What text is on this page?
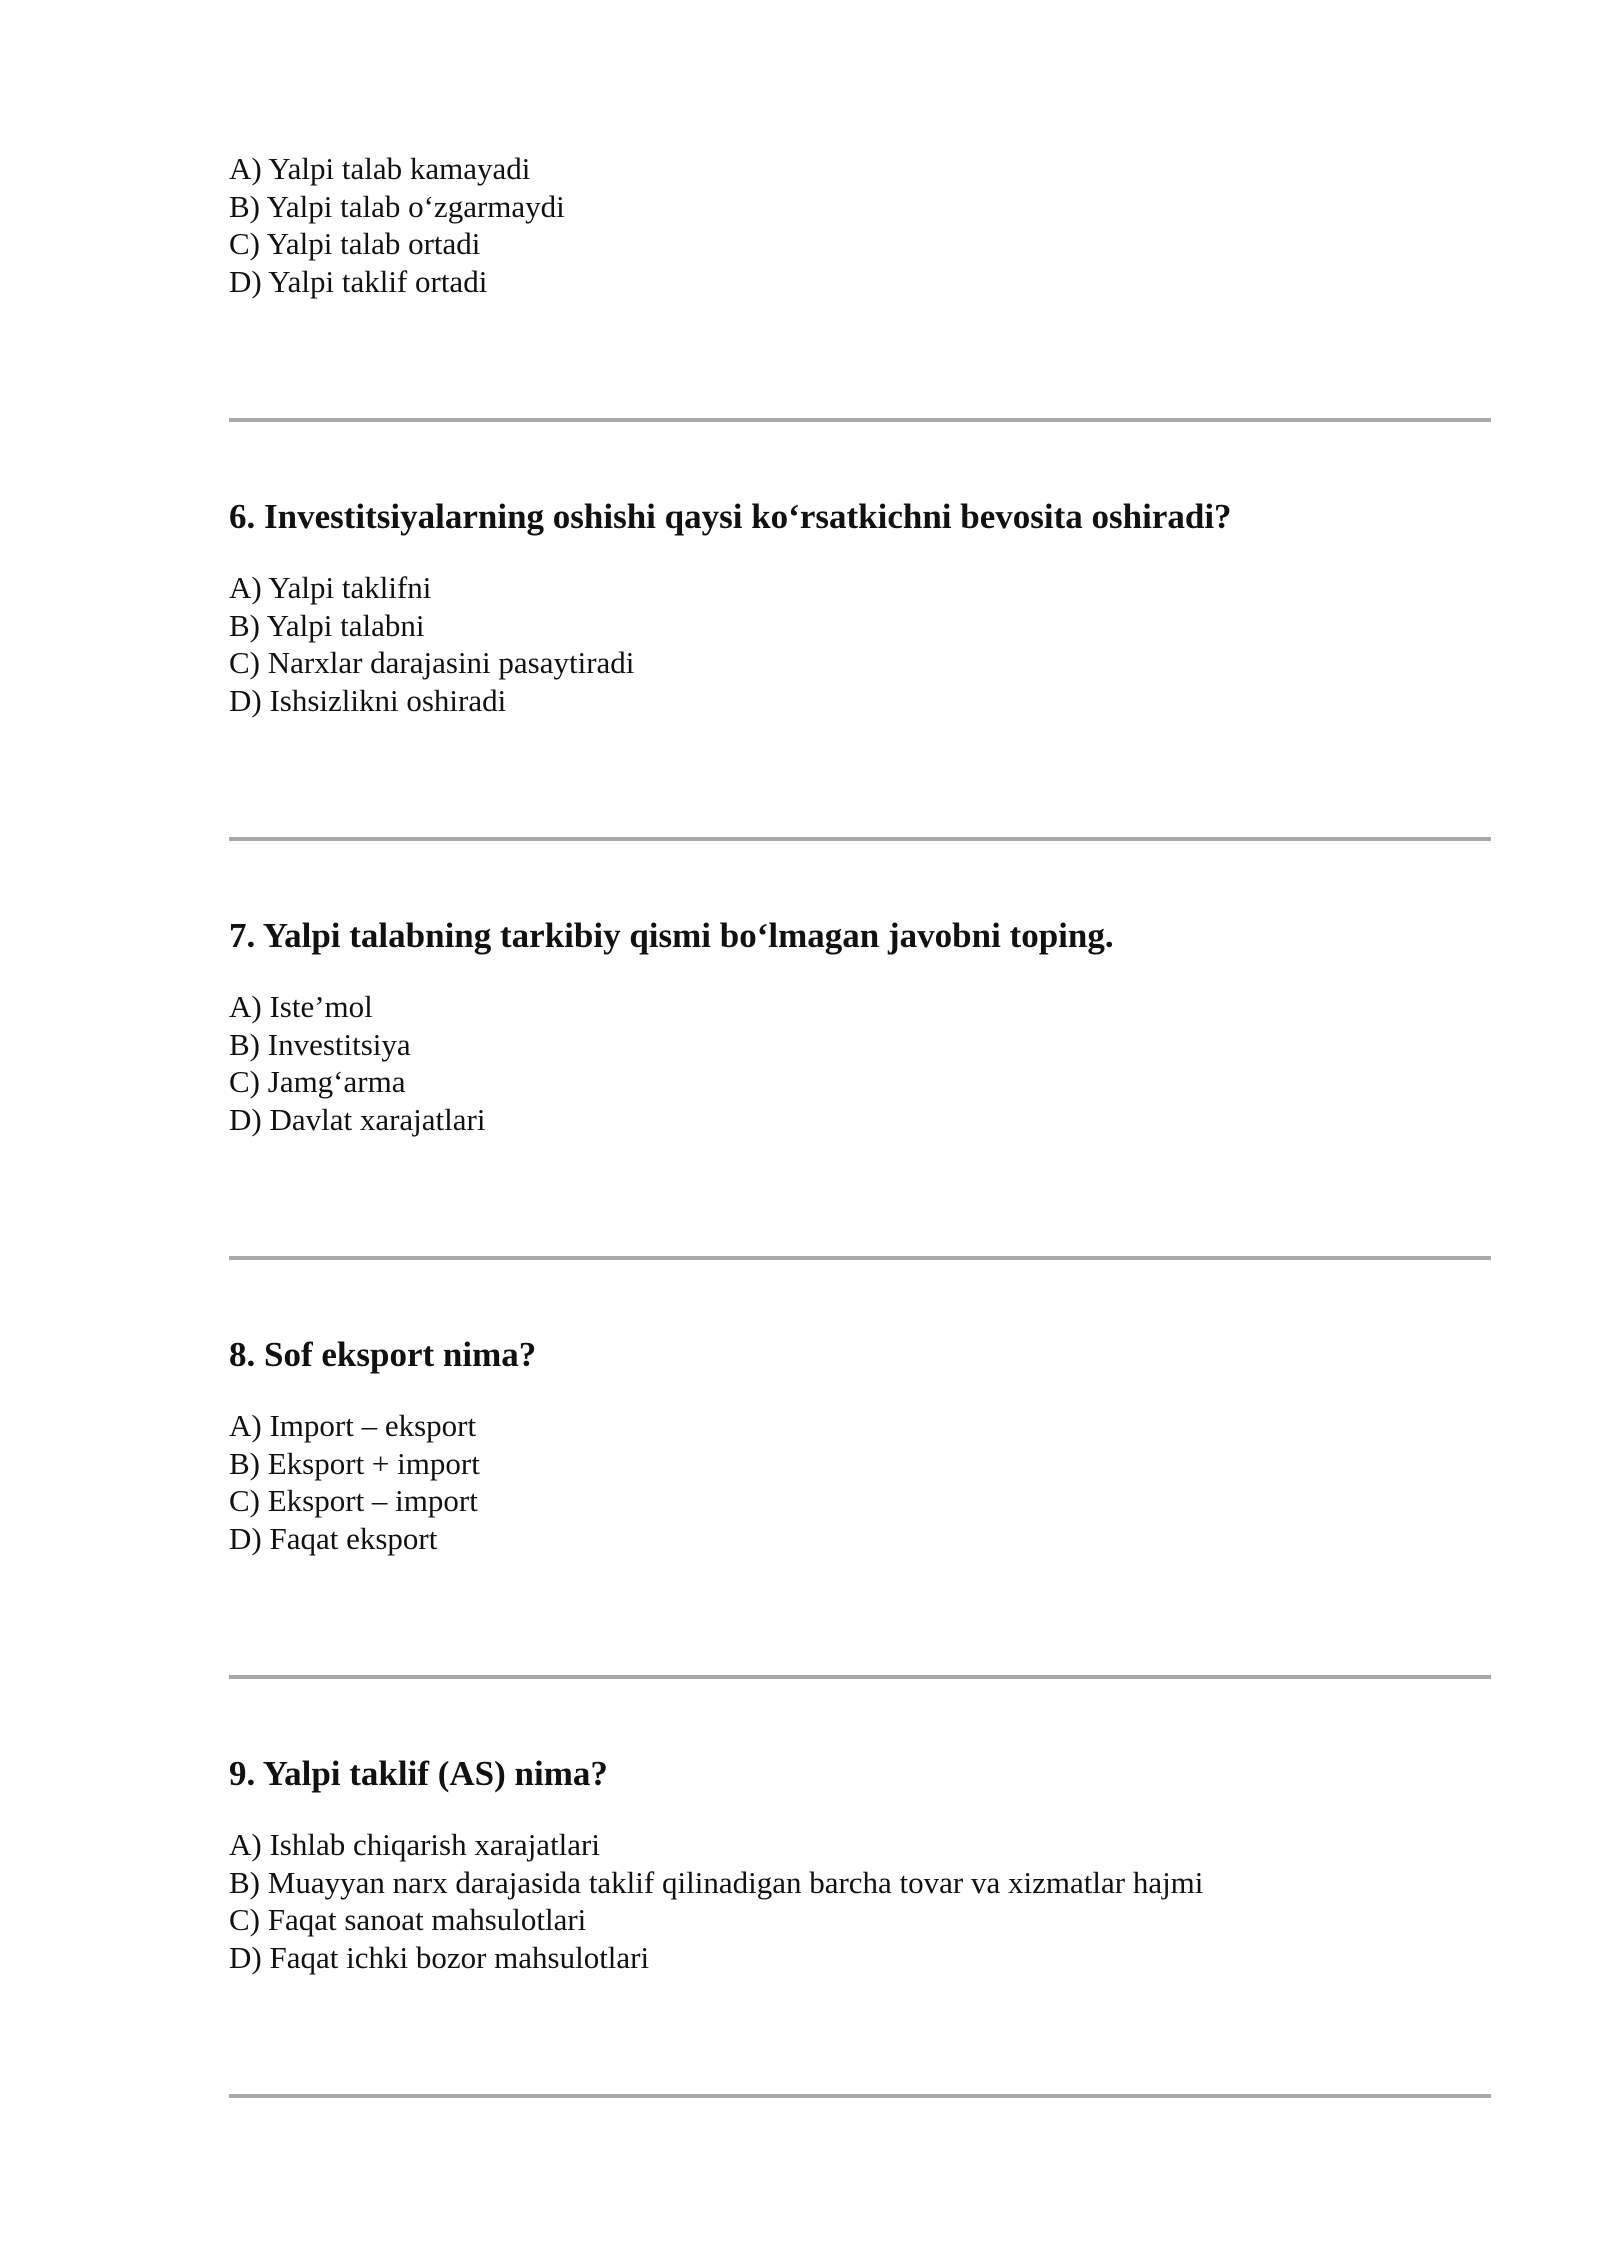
A) Yalpi talab kamayadi
B) Yalpi talab o‘zgarmaydi
C) Yalpi talab ortadi
D) Yalpi taklif ortadi

6. Investitsiyalarning oshishi qaysi ko‘rsatkichni bevosita oshiradi?

A) Yalpi taklifni
B) Yalpi talabni
C) Narxlar darajasini pasaytiradi
D) Ishsizlikni oshiradi

7. Yalpi talabning tarkibiy qismi bo‘lmagan javobni toping.

A) Iste’mol
B) Investitsiya
C) Jamg‘arma
D) Davlat xarajatlari

8. Sof eksport nima?

A) Import – eksport
B) Eksport + import
C) Eksport – import
D) Faqat eksport

9. Yalpi taklif (AS) nima?

A) Ishlab chiqarish xarajatlari
B) Muayyan narx darajasida taklif qilinadigan barcha tovar va xizmatlar hajmi
C) Faqat sanoat mahsulotlari
D) Faqat ichki bozor mahsulotlari
